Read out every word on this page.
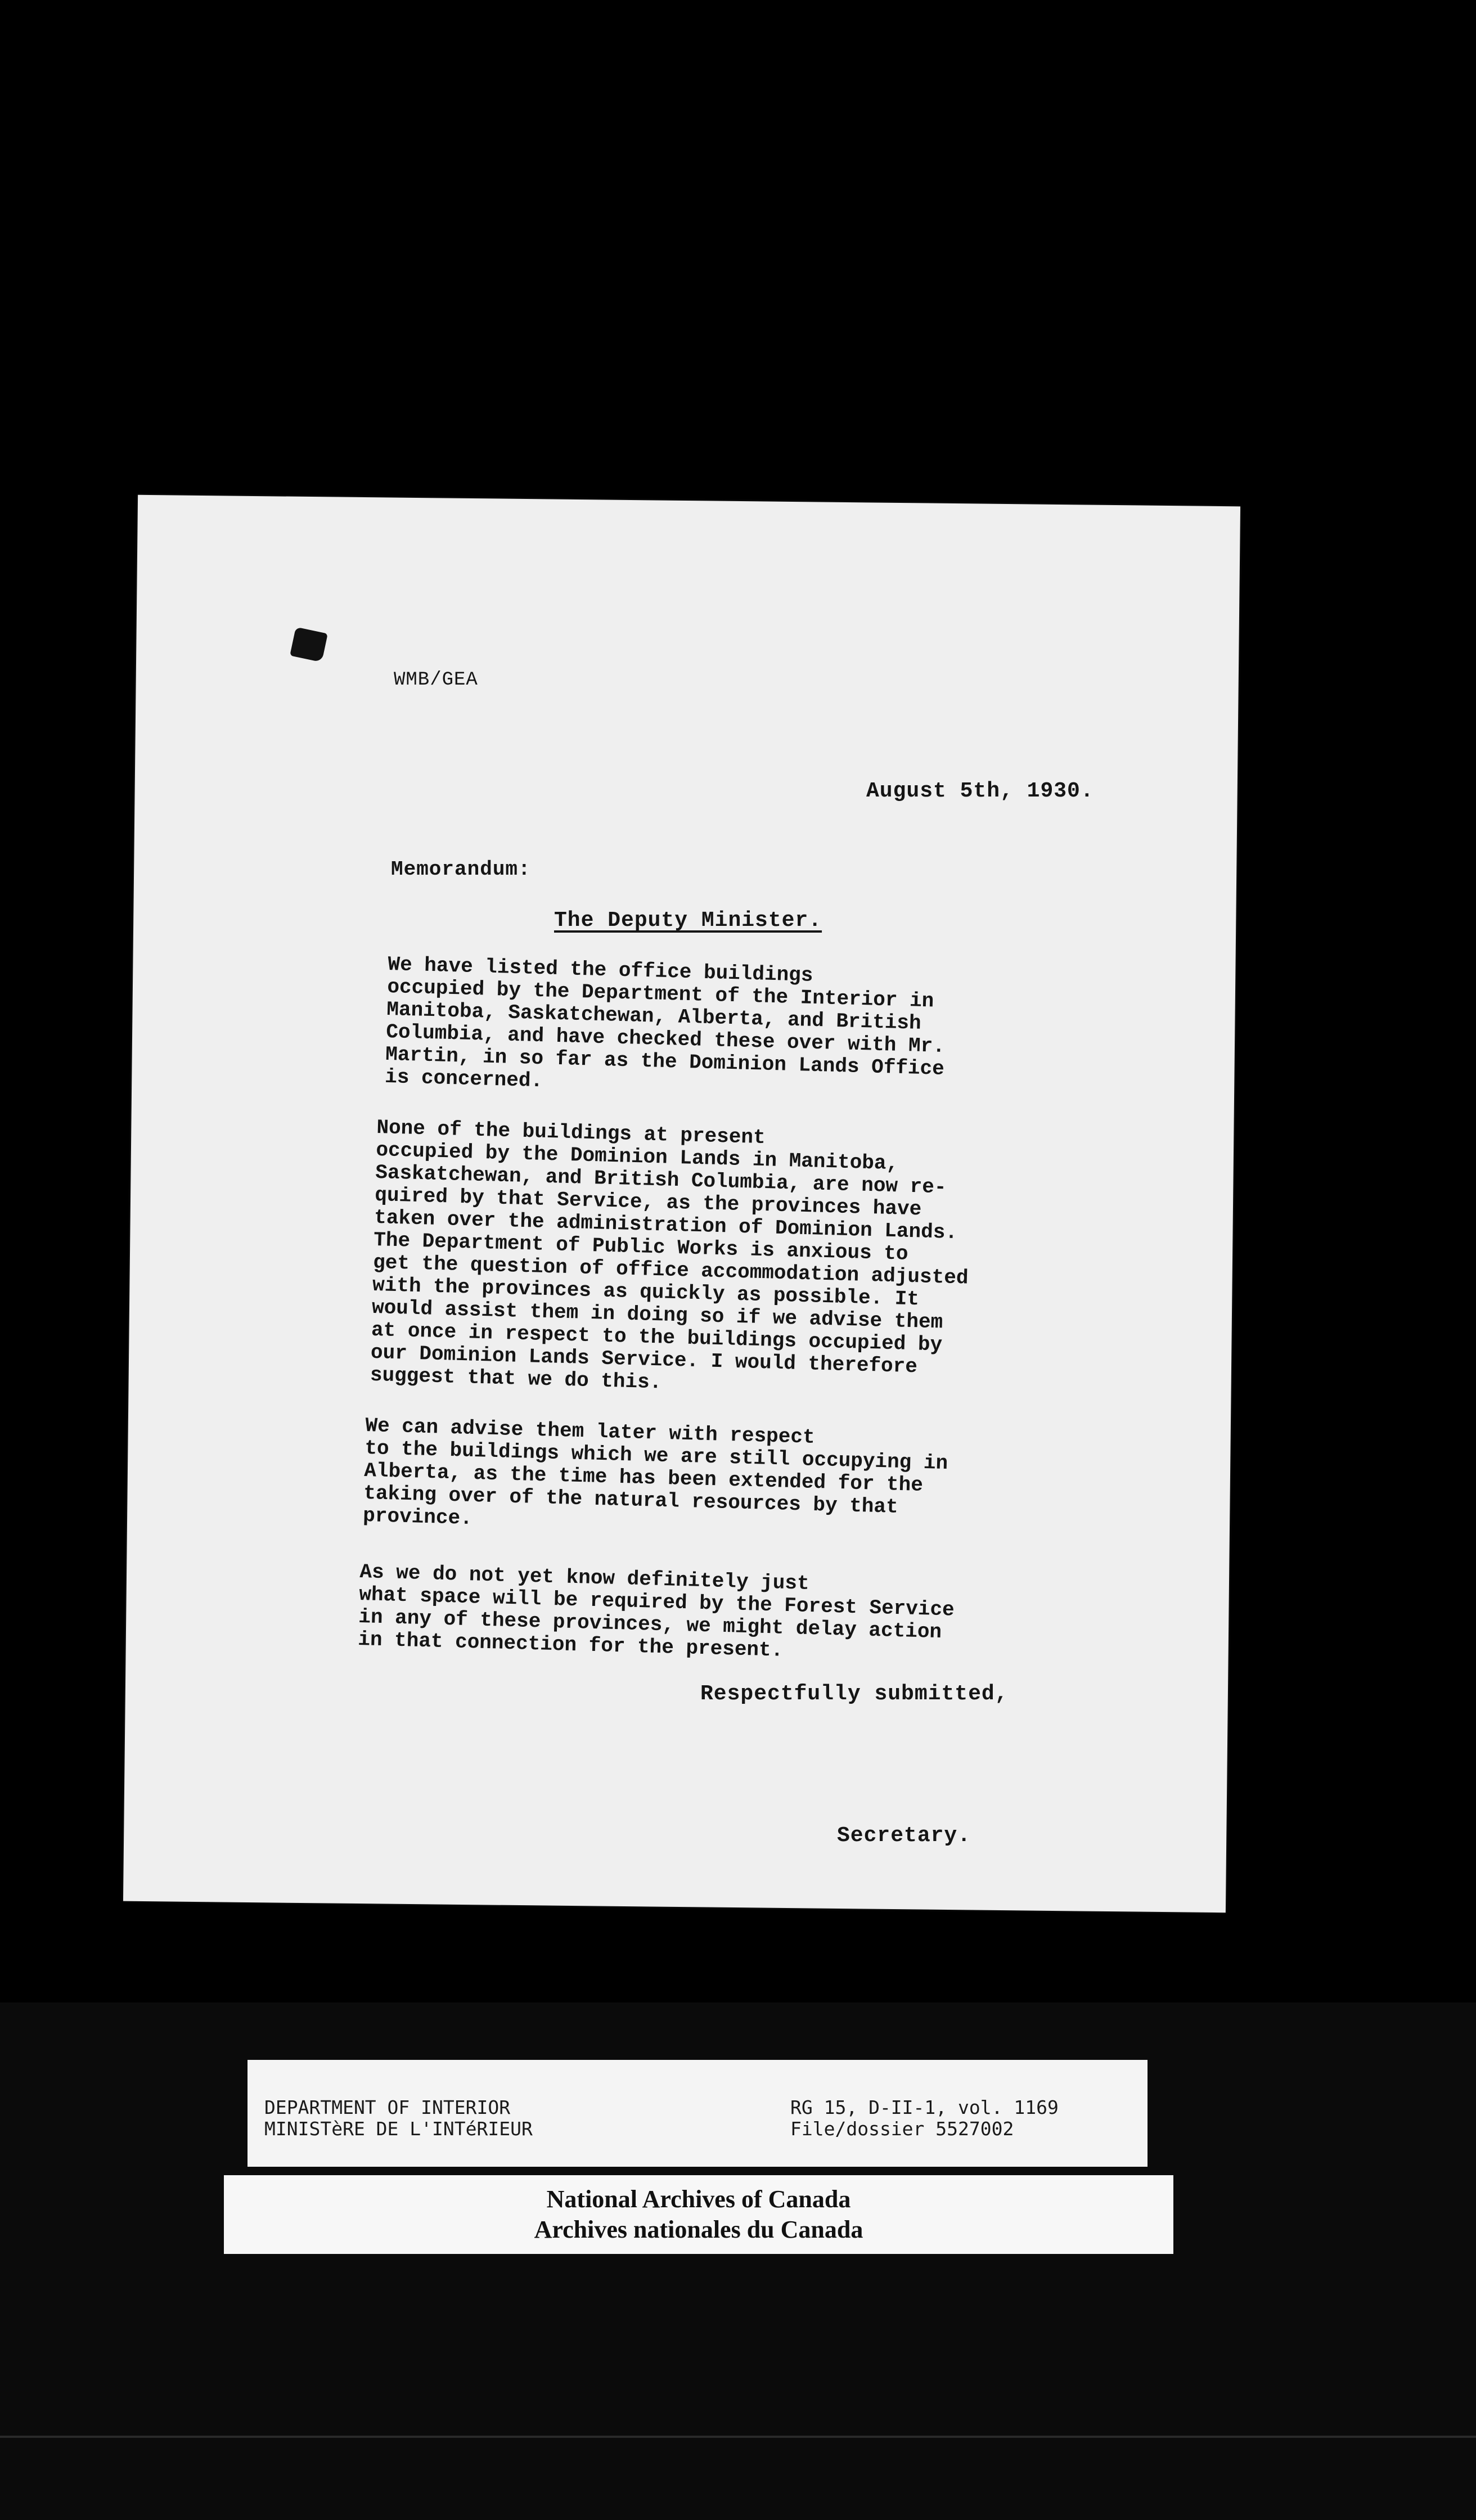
WMB/GEA
August 5th, 1930.
Memorandum:
The Deputy Minister.
We have listed the office buildings
occupied by the Department of the Interior in
Manitoba, Saskatchewan, Alberta, and British
Columbia, and have checked these over with Mr.
Martin, in so far as the Dominion Lands Office
is concerned.
None of the buildings at present
occupied by the Dominion Lands in Manitoba,
Saskatchewan, and British Columbia, are now re-
quired by that Service, as the provinces have
taken over the administration of Dominion Lands.
The Department of Public Works is anxious to
get the question of office accommodation adjusted
with the provinces as quickly as possible. It
would assist them in doing so if we advise them
at once in respect to the buildings occupied by
our Dominion Lands Service. I would therefore
suggest that we do this.
We can advise them later with respect
to the buildings which we are still occupying in
Alberta, as the time has been extended for the
taking over of the natural resources by that
province.
As we do not yet know definitely just
what space will be required by the Forest Service
in any of these provinces, we might delay action
in that connection for the present.
Respectfully submitted,
Secretary.
DEPARTMENT OF INTERIOR
MINISTèRE DE L'INTéRIEUR
RG 15, D-II-1, vol. 1169
File/dossier 5527002
National Archives of Canada
Archives nationales du Canada
